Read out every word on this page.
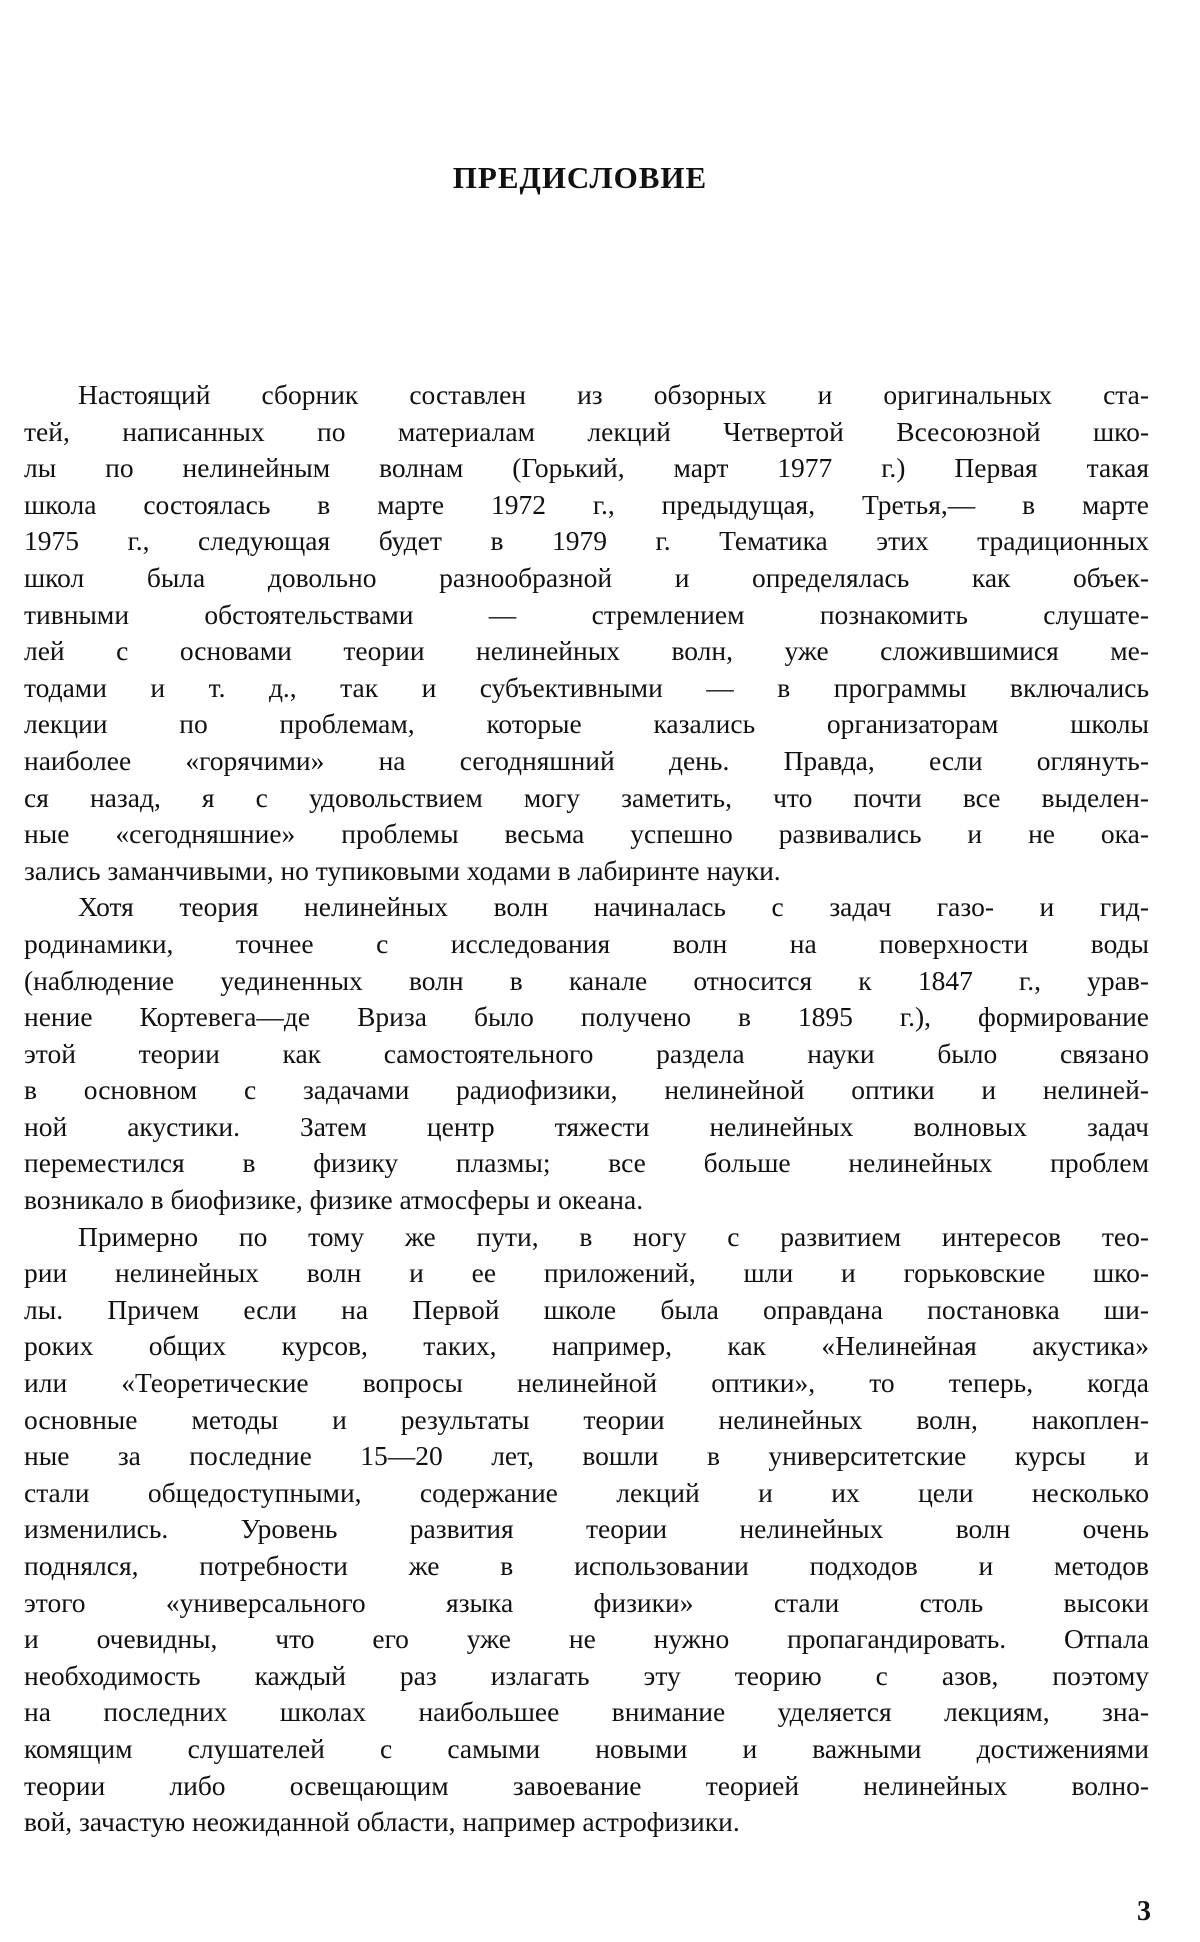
ПРЕДИСЛОВИЕ
Настоящий сборник составлен из обзорных и оригинальных ста-
тей, написанных по материалам лекций Четвертой Всесоюзной шко-
лы по нелинейным волнам (Горький, март 1977 г.) Первая такая
школа состоялась в марте 1972 г., предыдущая, Третья,— в марте
1975 г., следующая будет в 1979 г. Тематика этих традиционных
школ была довольно разнообразной и определялась как объек-
тивными обстоятельствами — стремлением познакомить слушате-
лей с основами теории нелинейных волн, уже сложившимися ме-
тодами и т. д., так и субъективными — в программы включались
лекции по проблемам, которые казались организаторам школы
наиболее «горячими» на сегодняшний день. Правда, если оглянуть-
ся назад, я с удовольствием могу заметить, что почти все выделен-
ные «сегодняшние» проблемы весьма успешно развивались и не ока-
зались заманчивыми, но тупиковыми ходами в лабиринте науки.
Хотя теория нелинейных волн начиналась с задач газо- и гид-
родинамики, точнее с исследования волн на поверхности воды
(наблюдение уединенных волн в канале относится к 1847 г., урав-
нение Кортевега—де Вриза было получено в 1895 г.), формирование
этой теории как самостоятельного раздела науки было связано
в основном с задачами радиофизики, нелинейной оптики и нелиней-
ной акустики. Затем центр тяжести нелинейных волновых задач
переместился в физику плазмы; все больше нелинейных проблем
возникало в биофизике, физике атмосферы и океана.
Примерно по тому же пути, в ногу с развитием интересов тео-
рии нелинейных волн и ее приложений, шли и горьковские шко-
лы. Причем если на Первой школе была оправдана постановка ши-
роких общих курсов, таких, например, как «Нелинейная акустика»
или «Теоретические вопросы нелинейной оптики», то теперь, когда
основные методы и результаты теории нелинейных волн, накоплен-
ные за последние 15—20 лет, вошли в университетские курсы и
стали общедоступными, содержание лекций и их цели несколько
изменились. Уровень развития теории нелинейных волн очень
поднялся, потребности же в использовании подходов и методов
этого «универсального языка физики» стали столь высоки
и очевидны, что его уже не нужно пропагандировать. Отпала
необходимость каждый раз излагать эту теорию с азов, поэтому
на последних школах наибольшее внимание уделяется лекциям, зна-
комящим слушателей с самыми новыми и важными достижениями
теории либо освещающим завоевание теорией нелинейных волно-
вой, зачастую неожиданной области, например астрофизики.
3
